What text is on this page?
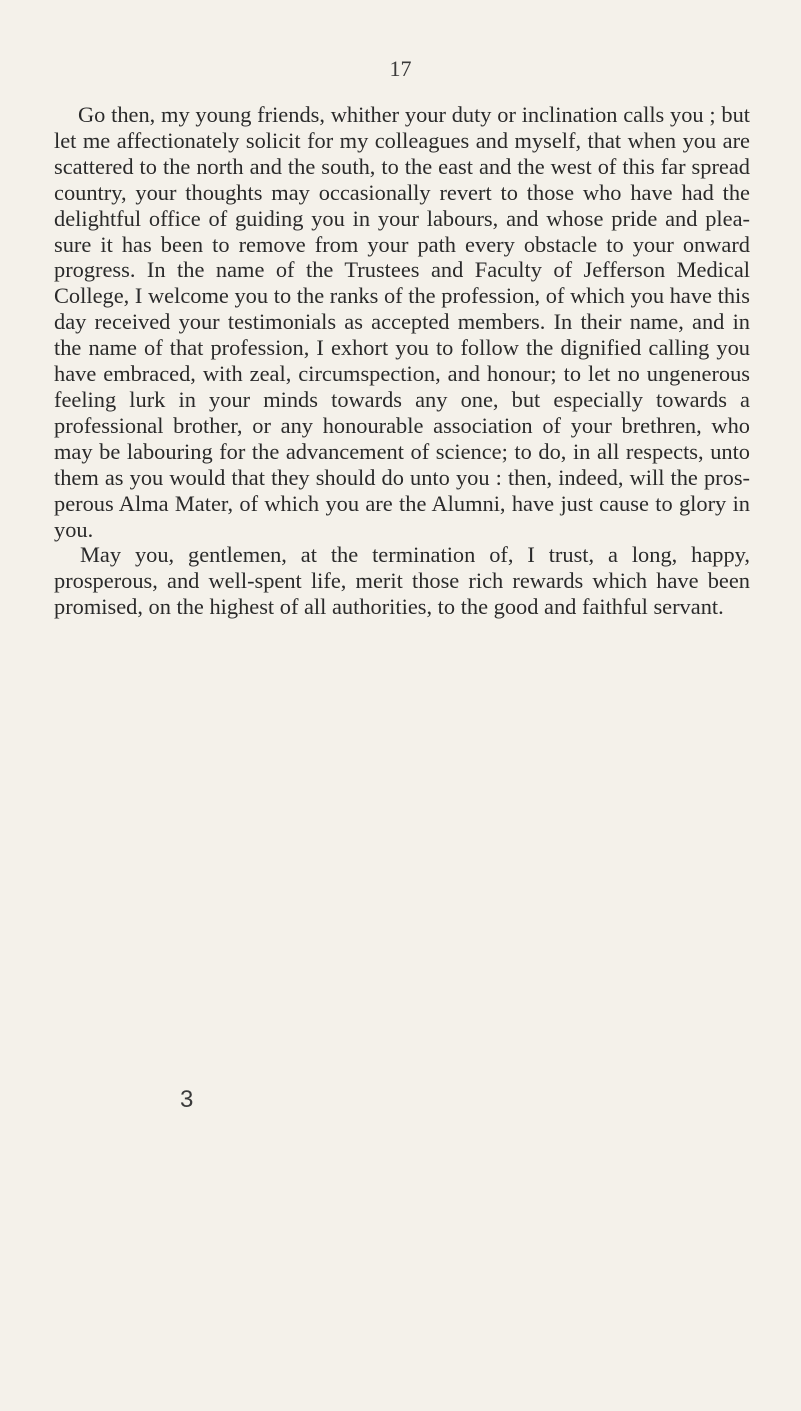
17

Go then, my young friends, whither your duty or inclination calls you ; but let me affectionately solicit for my colleagues and myself, that when you are scattered to the north and the south, to the east and the west of this far spread country, your thoughts may occasionally revert to those who have had the delightful office of guiding you in your labours, and whose pride and pleasure it has been to remove from your path every obstacle to your onward progress. In the name of the Trustees and Faculty of Jefferson Medical College, I welcome you to the ranks of the profession, of which you have this day received your testimonials as accepted members. In their name, and in the name of that profession, I exhort you to follow the dignified calling you have embraced, with zeal, circumspection, and honour; to let no ungenerous feeling lurk in your minds towards any one, but especially towards a professional brother, or any honourable association of your brethren, who may be labouring for the advancement of science; to do, in all respects, unto them as you would that they should do unto you : then, indeed, will the prosperous Alma Mater, of which you are the Alumni, have just cause to glory in you.

May you, gentlemen, at the termination of, I trust, a long, happy, prosperous, and well-spent life, merit those rich rewards which have been promised, on the highest of all authorities, to the good and faithful servant.

3
